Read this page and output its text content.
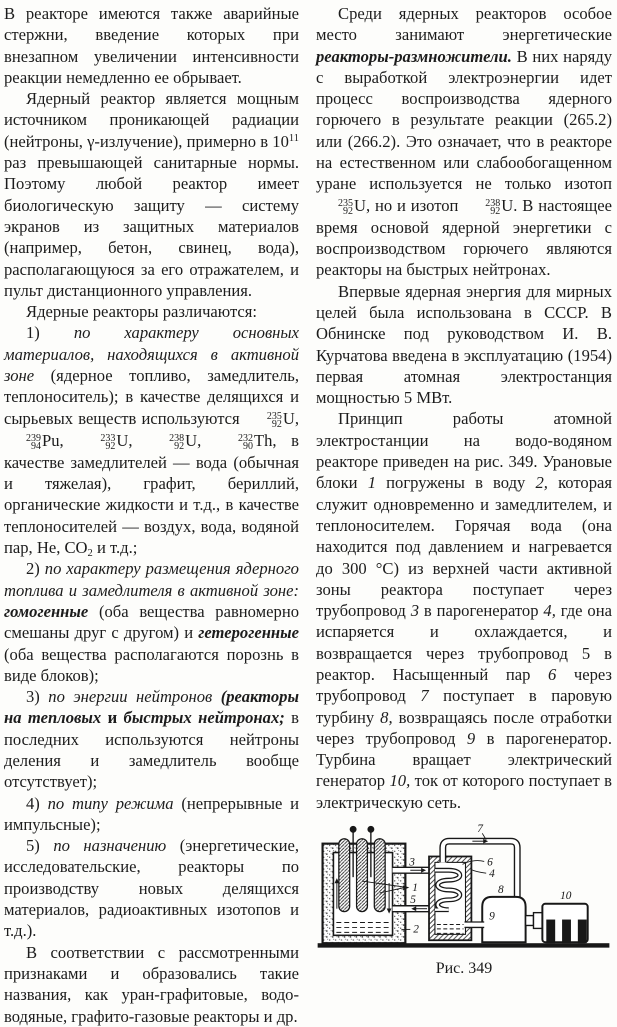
В реакторе имеются также аварийные стержни, введение которых при внезапном увеличении интенсивности реакции немедленно ее обрывает.

Ядерный реактор является мощным источником проникающей радиации (нейтроны, γ-излучение), примерно в $10^{11}$ раз превышающей санитарные нормы. Поэтому любой реактор имеет биологическую защиту — систему экранов из защитных материалов (например, бетон, свинец, вода), располагающуюся за его отражателем, и пульт дистанционного управления.

Ядерные реакторы различаются:

1) по характеру основных материалов, находящихся в активной зоне (ядерное топливо, замедлитель, теплоноситель); в качестве делящихся и сырьевых веществ используются	235
92 U,
239
94 Pu,	233
92 U,	238
92 U,	232
90 Th, в качестве замедлителей — вода (обычная и тяжелая), графит, бериллий, органические жидкости и т.д., в качестве теплоносителей — воздух, вода, водяной пар, He, $CO_2$ и т.д.;

2) по характеру размещения ядерного топлива и замедлителя в активной зоне: гомогенные (оба вещества равномерно смешаны друг с другом) и гетерогенные (оба вещества располагаются порознь в виде блоков);

3) по энергии нейтронов (реакторы на тепловых и быстрых нейтронах; в последних используются нейтроны деления и замедлитель вообще отсутствует);

4) по типу режима (непрерывные и импульсные);

5) по назначению (энергетические, исследовательские, реакторы по производству новых делящихся материалов, радиоактивных изотопов и т.д.).

В соответствии с рассмотренными признаками и образовались такие названия, как уран-графитовые, водо-водяные, графито-газовые реакторы и др.

Среди ядерных реакторов особое место занимают энергетические реакторы-размножители. В них наряду с выработкой электроэнергии идет процесс воспроизводства ядерного горючего в результате реакции (265.2) или (266.2). Это означает, что в реакторе на естественном или слабообогащенном уране используется не только изотоп
235
92 U, но и изотоп	238
92 U. В настоящее время основой ядерной энергетики с воспроизводством горючего являются реакторы на быстрых нейтронах.

Впервые ядерная энергия для мирных целей была использована в СССР. В Обнинске под руководством И. В. Курчатова введена в эксплуатацию (1954) первая атомная электростанция мощностью 5 МВт.

Принцип работы атомной электростанции на водо-водяном реакторе приведен на рис. 349. Урановые блоки 1 погружены в воду 2, которая служит одновременно и замедлителем, и теплоносителем. Горячая вода (она находится под давлением и нагревается до 300 °С) из верхней части активной зоны реактора поступает через трубопровод 3 в парогенератор 4, где она испаряется и охлаждается, и возвращается через трубопровод 5 в реактор. Насыщенный пар 6 через трубопровод 7 поступает в паровую турбину 8, возвращаясь после отработки через трубопровод 9 в парогенератор. Турбина вращает электрический генератор 10, ток от которого поступает в электрическую сеть.

3
1
5
2
6
4
7
8
9
10
Рис. 349
